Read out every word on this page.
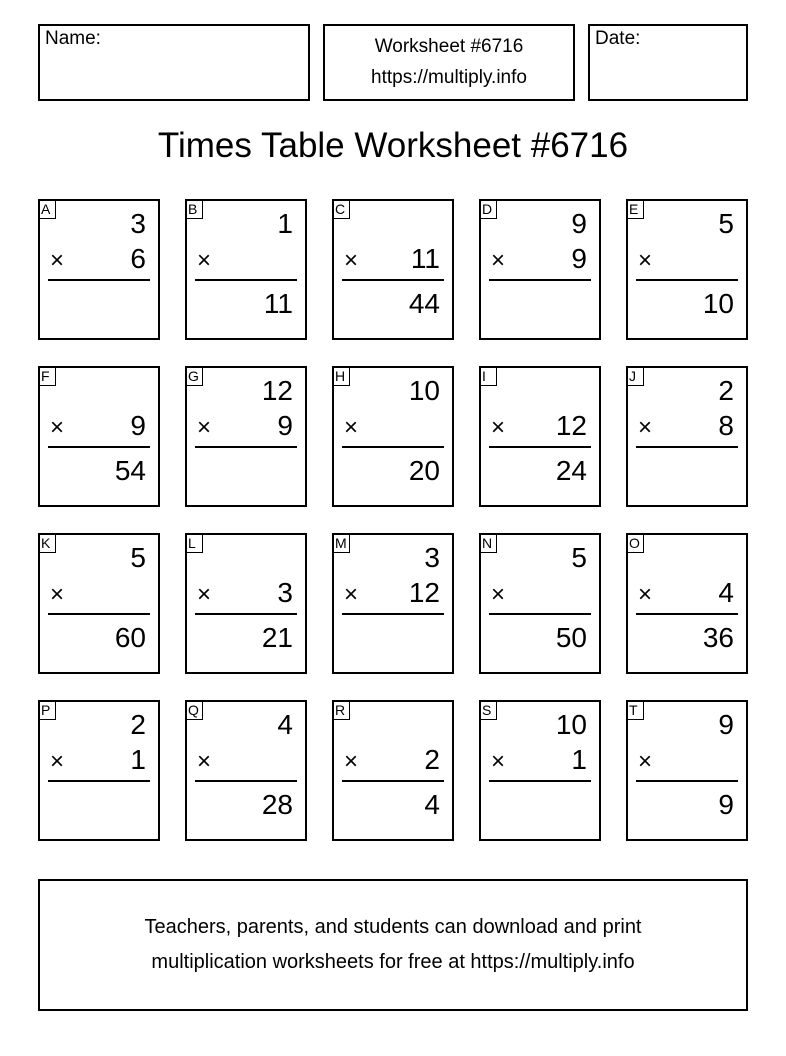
Name:	Worksheet #6716
https://multiply.info
Date:
Times Table Worksheet #6716
A	3
× 6
B	1
×
11
C
× 11
44
D	9
× 9
E	5
×
10
F
× 9
54
G 12
× 9
H 10
×
20
I
× 12
24
J	2
× 8
K	5
×
60
L
× 3
21
M	3
× 12
N	5
×
50
O
× 4
36
P	2
× 1
Q	4
×
28
R
× 2
4
S 10
× 1
T	9
×
9
Teachers, parents, and students can download and print
multiplication worksheets for free at https://multiply.info
